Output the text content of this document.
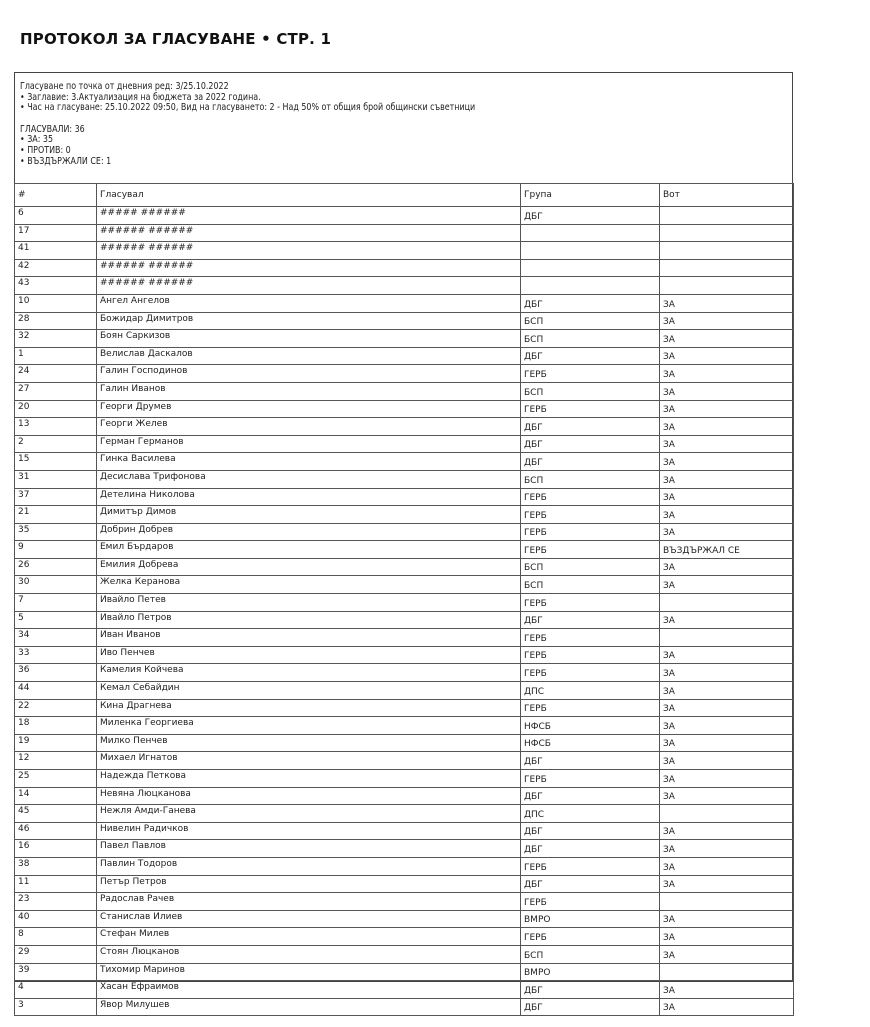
ПРОТОКОЛ ЗА ГЛАСУВАНЕ • СТР. 1
Гласуване по точка от дневния ред: 3/25.10.2022
• Заглавие: 3.Актуализация на бюджета за 2022 година.
• Час на гласуване: 25.10.2022 09:50, Вид на гласуването: 2 - Над 50% от общия брой общински съветници
ГЛАСУВАЛИ: 36
• ЗА: 35
• ПРОТИВ: 0
• ВЪЗДЪРЖАЛИ СЕ: 1
#	Гласувал	Група	Вот
6	##### ######	ДБГ	
17	###### ######		
41	###### ######		
42	###### ######		
43	###### ######		
10	Ангел Ангелов	ДБГ	ЗА
28	Божидар Димитров	БСП	ЗА
32	Боян Саркизов	БСП	ЗА
1	Велислав Даскалов	ДБГ	ЗА
24	Галин Господинов	ГЕРБ	ЗА
27	Галин Иванов	БСП	ЗА
20	Георги Друмев	ГЕРБ	ЗА
13	Георги Желев	ДБГ	ЗА
2	Герман Германов	ДБГ	ЗА
15	Гинка Василева	ДБГ	ЗА
31	Десислава Трифонова	БСП	ЗА
37	Детелина Николова	ГЕРБ	ЗА
21	Димитър Димов	ГЕРБ	ЗА
35	Добрин Добрев	ГЕРБ	ЗА
9	Емил Бърдаров	ГЕРБ	ВЪЗДЪРЖАЛ СЕ
26	Емилия Добрева	БСП	ЗА
30	Желка Керанова	БСП	ЗА
7	Ивайло Петев	ГЕРБ	
5	Ивайло Петров	ДБГ	ЗА
34	Иван Иванов	ГЕРБ	
33	Иво Пенчев	ГЕРБ	ЗА
36	Камелия Койчева	ГЕРБ	ЗА
44	Кемал Себайдин	ДПС	ЗА
22	Кина Драгнева	ГЕРБ	ЗА
18	Миленка Георгиева	НФСБ	ЗА
19	Милко Пенчев	НФСБ	ЗА
12	Михаел Игнатов	ДБГ	ЗА
25	Надежда Петкова	ГЕРБ	ЗА
14	Невяна Люцканова	ДБГ	ЗА
45	Нежля Амди-Ганева	ДПС	
46	Нивелин Радичков	ДБГ	ЗА
16	Павел Павлов	ДБГ	ЗА
38	Павлин Тодоров	ГЕРБ	ЗА
11	Петър Петров	ДБГ	ЗА
23	Радослав Рачев	ГЕРБ	
40	Станислав Илиев	ВМРО	ЗА
8	Стефан Милев	ГЕРБ	ЗА
29	Стоян Люцканов	БСП	ЗА
39	Тихомир Маринов	ВМРО	
4	Хасан Ефраимов	ДБГ	ЗА
3	Явор Милушев	ДБГ	ЗА
